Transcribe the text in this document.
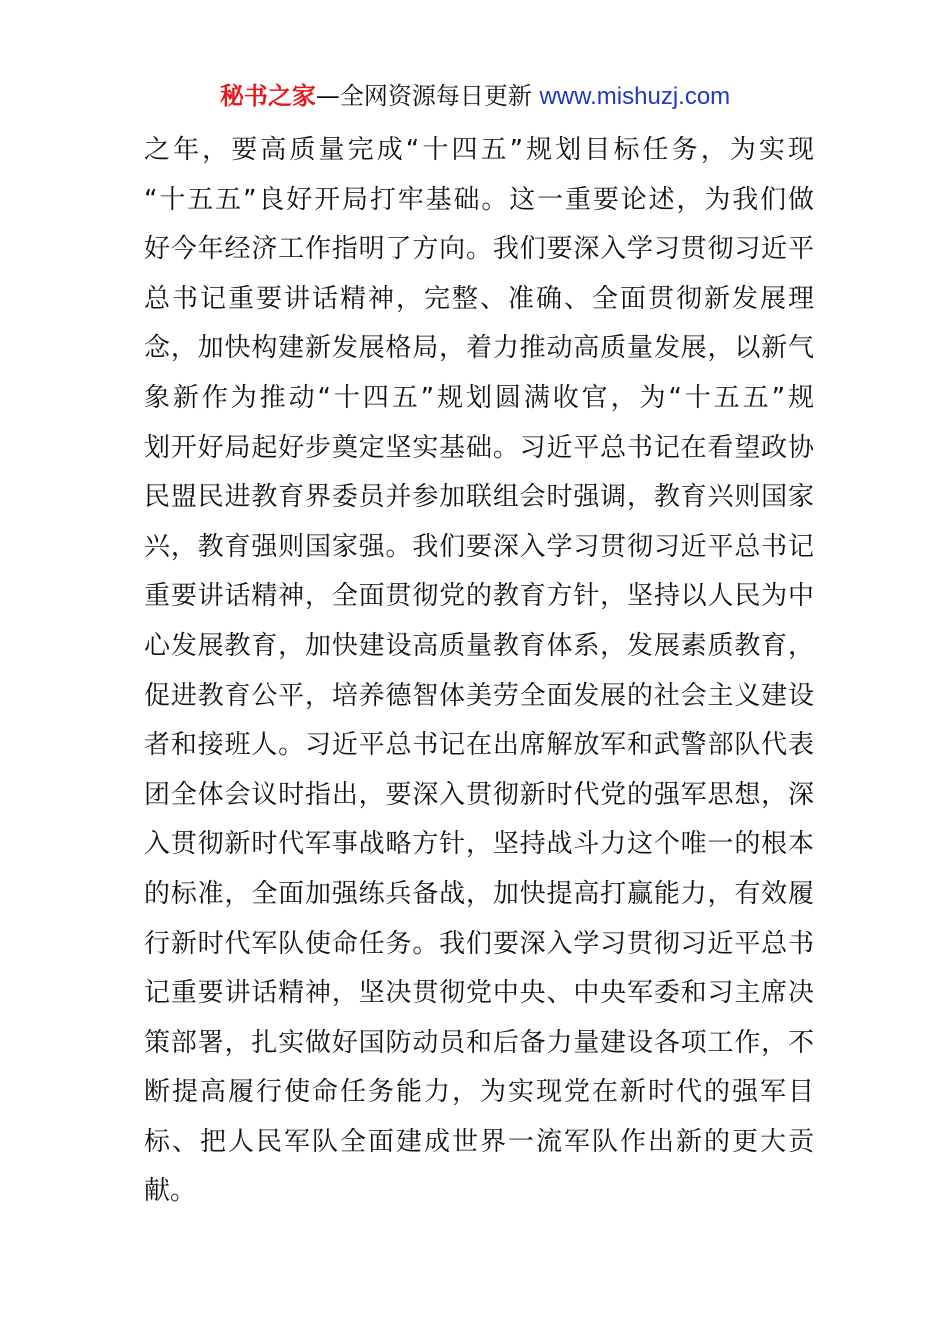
秘书之家—全网资源每日更新 www.mishuzj.com
之年，要高质量完成“十四五”规划目标任务，为实现
“十五五”良好开局打牢基础。这一重要论述，为我们做
好今年经济工作指明了方向。我们要深入学习贯彻习近平
总书记重要讲话精神，完整、准确、全面贯彻新发展理
念，加快构建新发展格局，着力推动高质量发展，以新气
象新作为推动“十四五”规划圆满收官，为“十五五”规
划开好局起好步奠定坚实基础。习近平总书记在看望政协
民盟民进教育界委员并参加联组会时强调，教育兴则国家
兴，教育强则国家强。我们要深入学习贯彻习近平总书记
重要讲话精神，全面贯彻党的教育方针，坚持以人民为中
心发展教育，加快建设高质量教育体系，发展素质教育，
促进教育公平，培养德智体美劳全面发展的社会主义建设
者和接班人。习近平总书记在出席解放军和武警部队代表
团全体会议时指出，要深入贯彻新时代党的强军思想，深
入贯彻新时代军事战略方针，坚持战斗力这个唯一的根本
的标准，全面加强练兵备战，加快提高打赢能力，有效履
行新时代军队使命任务。我们要深入学习贯彻习近平总书
记重要讲话精神，坚决贯彻党中央、中央军委和习主席决
策部署，扎实做好国防动员和后备力量建设各项工作，不
断提高履行使命任务能力，为实现党在新时代的强军目
标、把人民军队全面建成世界一流军队作出新的更大贡
献。
